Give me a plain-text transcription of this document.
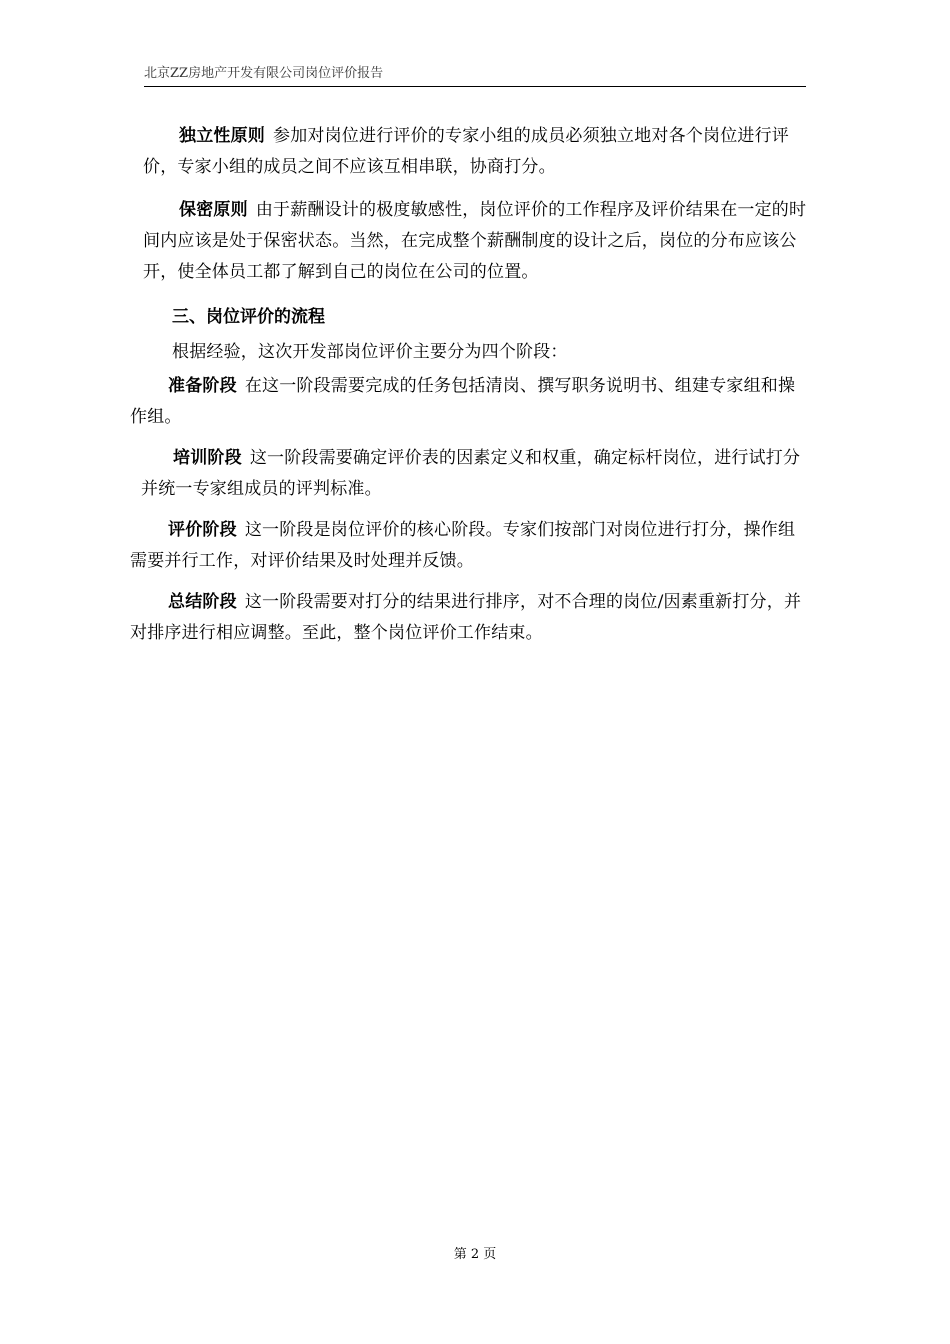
北京ZZ房地产开发有限公司岗位评价报告
独立性原则 参加对岗位进行评价的专家小组的成员必须独立地对各个岗位进行评价，专家小组的成员之间不应该互相串联，协商打分。
保密原则 由于薪酬设计的极度敏感性，岗位评价的工作程序及评价结果在一定的时间内应该是处于保密状态。当然，在完成整个薪酬制度的设计之后，岗位的分布应该公开，使全体员工都了解到自己的岗位在公司的位置。
三、岗位评价的流程
根据经验，这次开发部岗位评价主要分为四个阶段：
准备阶段 在这一阶段需要完成的任务包括清岗、撰写职务说明书、组建专家组和操作组。
培训阶段 这一阶段需要确定评价表的因素定义和权重，确定标杆岗位，进行试打分并统一专家组成员的评判标准。
评价阶段 这一阶段是岗位评价的核心阶段。专家们按部门对岗位进行打分，操作组需要并行工作，对评价结果及时处理并反馈。
总结阶段 这一阶段需要对打分的结果进行排序，对不合理的岗位/因素重新打分，并对排序进行相应调整。至此，整个岗位评价工作结束。
第 2 页
